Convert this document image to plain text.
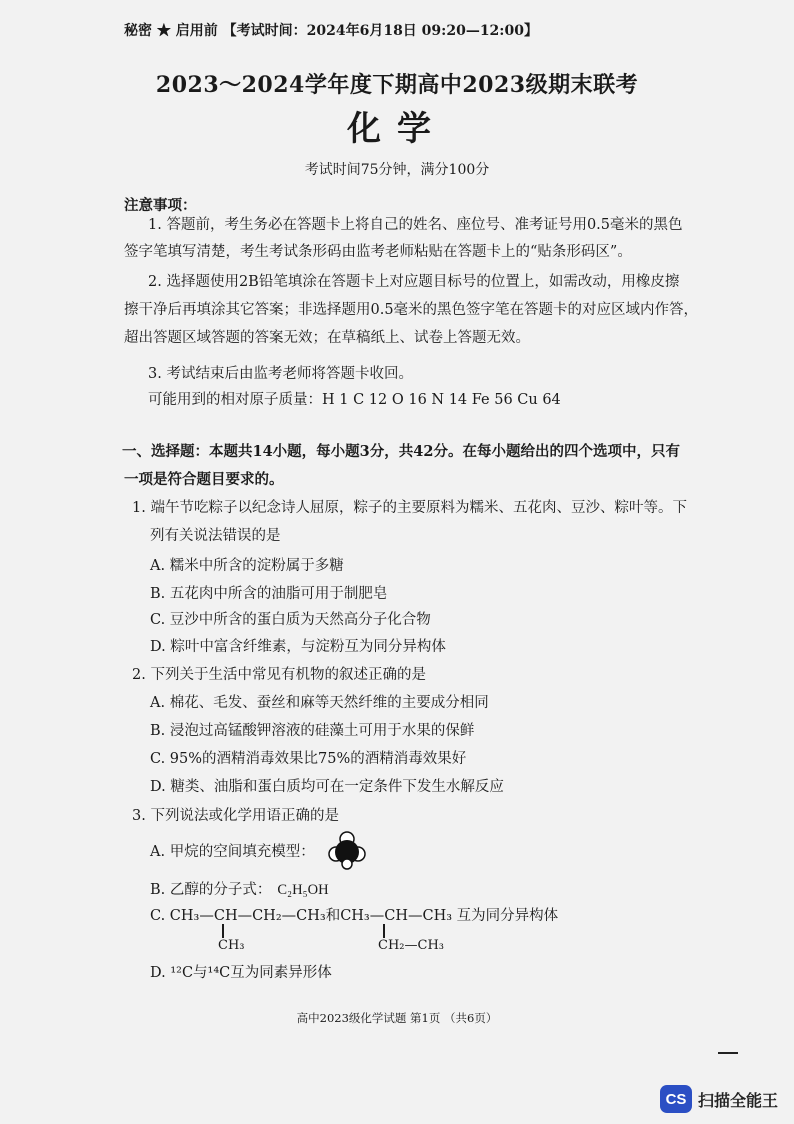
秘密 ★ 启用前 【考试时间：2024年6月18日 09:20—12:00】
2023～2024学年度下期高中2023级期末联考
化学
考试时间75分钟，满分100分
注意事项：
1. 答题前，考生务必在答题卡上将自己的姓名、座位号、准考证号用0.5毫米的黑色
签字笔填写清楚，考生考试条形码由监考老师粘贴在答题卡上的“贴条形码区”。
2. 选择题使用2B铅笔填涂在答题卡上对应题目标号的位置上，如需改动，用橡皮擦
擦干净后再填涂其它答案；非选择题用0.5毫米的黑色签字笔在答题卡的对应区域内作答，
超出答题区域答题的答案无效；在草稿纸上、试卷上答题无效。
3. 考试结束后由监考老师将答题卡收回。
可能用到的相对原子质量：H 1 C 12 O 16 N 14 Fe 56 Cu 64
一、选择题：本题共14小题，每小题3分，共42分。在每小题给出的四个选项中，只有
一项是符合题目要求的。
1. 端午节吃粽子以纪念诗人屈原，粽子的主要原料为糯米、五花肉、豆沙、粽叶等。下
列有关说法错误的是
A. 糯米中所含的淀粉属于多糖
B. 五花肉中所含的油脂可用于制肥皂
C. 豆沙中所含的蛋白质为天然高分子化合物
D. 粽叶中富含纤维素，与淀粉互为同分异构体
2. 下列关于生活中常见有机物的叙述正确的是
A. 棉花、毛发、蚕丝和麻等天然纤维的主要成分相同
B. 浸泡过高锰酸钾溶液的硅藻土可用于水果的保鲜
C. 95%的酒精消毒效果比75%的酒精消毒效果好
D. 糖类、油脂和蛋白质均可在一定条件下发生水解反应
3. 下列说法或化学用语正确的是
A. 甲烷的空间填充模型：
B. 乙醇的分子式： C₂H₅OH
C. CH₃—CH—CH₂—CH₃和CH₃—CH—CH₃ 互为同分异构体
CH₃	CH₂—CH₃
D. ¹²C与¹⁴C互为同素异形体
高中2023级化学试题 第1页 （共6页）
CS 扫描全能王
